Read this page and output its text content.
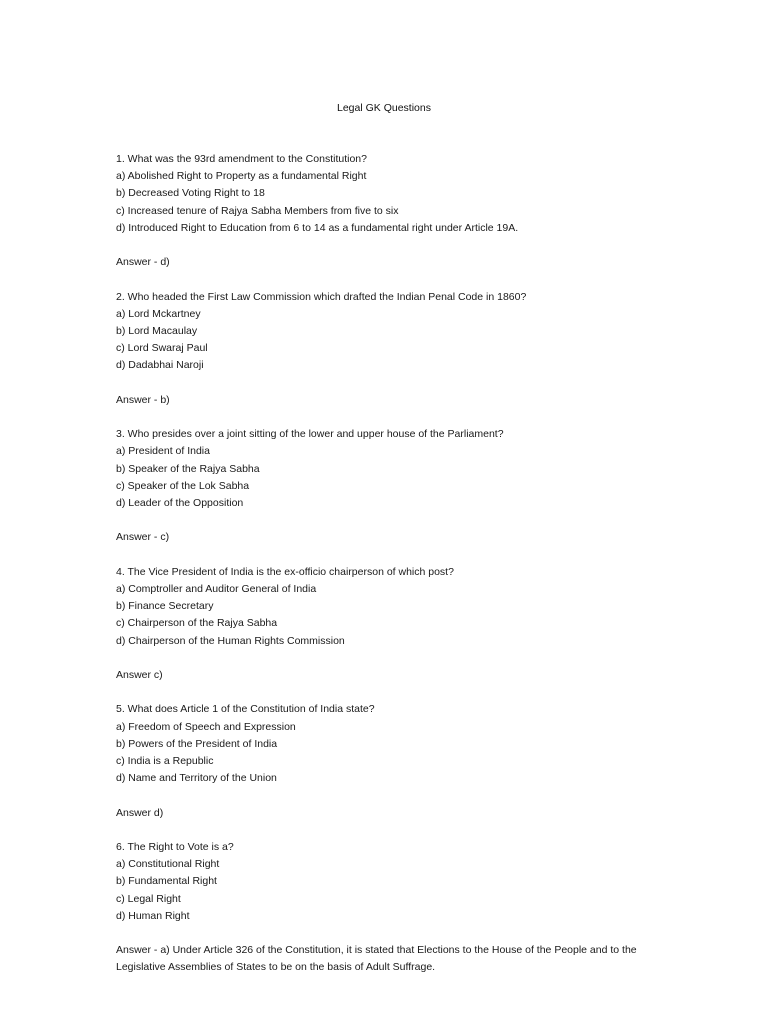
Legal GK Questions
1. What was the 93rd amendment to the Constitution?
a) Abolished Right to Property as a fundamental Right
b) Decreased Voting Right to 18
c) Increased tenure of Rajya Sabha Members from five to six
d) Introduced Right to Education from 6 to 14 as a fundamental right under Article 19A.
Answer - d)
2. Who headed the First Law Commission which drafted the Indian Penal Code in 1860?
a) Lord Mckartney
b) Lord Macaulay
c) Lord Swaraj Paul
d) Dadabhai Naroji
Answer - b)
3. Who presides over a joint sitting of the lower and upper house of the Parliament?
a) President of India
b) Speaker of the Rajya Sabha
c) Speaker of the Lok Sabha
d) Leader of the Opposition
Answer - c)
4. The Vice President of India is the ex-officio chairperson of which post?
a) Comptroller and Auditor General of India
b) Finance Secretary
c) Chairperson of the Rajya Sabha
d) Chairperson of the Human Rights Commission
Answer c)
5. What does Article 1 of the Constitution of India state?
a) Freedom of Speech and Expression
b) Powers of the President of India
c) India is a Republic
d) Name and Territory of the Union
Answer d)
6. The Right to Vote is a?
a) Constitutional Right
b) Fundamental Right
c) Legal Right
d) Human Right
Answer - a) Under Article 326 of the Constitution, it is stated that Elections to the House of the People and to the Legislative Assemblies of States to be on the basis of Adult Suffrage.
